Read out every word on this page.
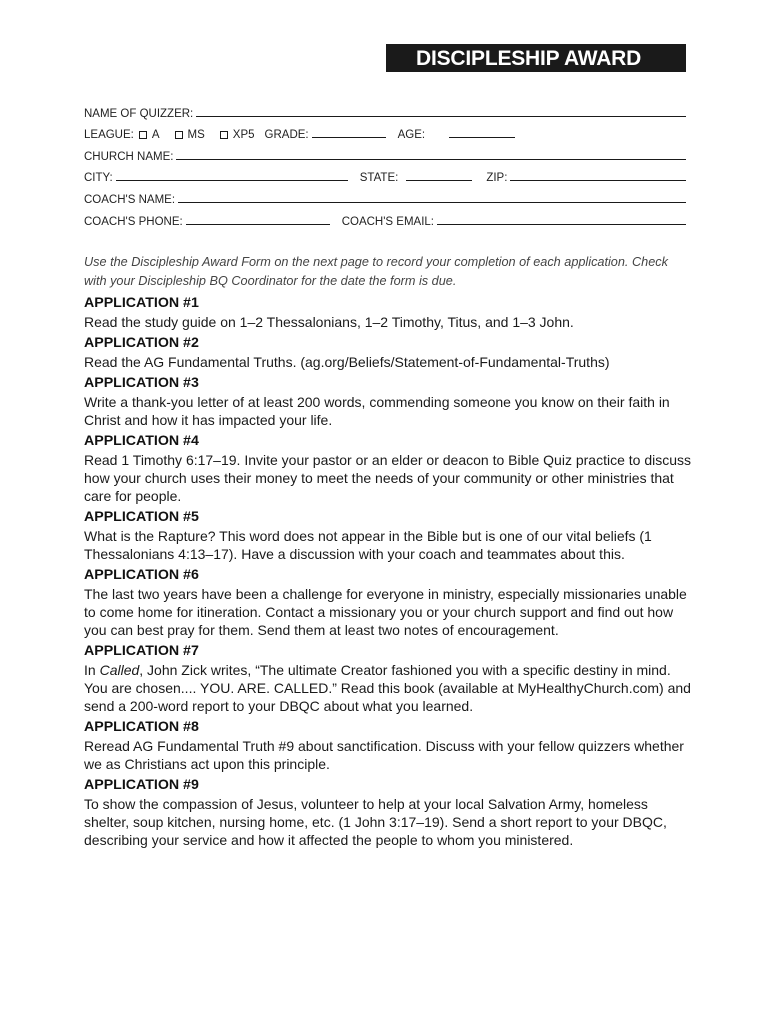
DISCIPLESHIP AWARD
NAME OF QUIZZER:
LEAGUE: A MS XP5 GRADE:	AGE:
CHURCH NAME:
CITY:	STATE:	ZIP:
COACH'S NAME:
COACH'S PHONE:	COACH'S EMAIL:
Use the Discipleship Award Form on the next page to record your completion of each application. Check with your Discipleship BQ Coordinator for the date the form is due.
APPLICATION #1

Read the study guide on 1–2 Thessalonians, 1–2 Timothy, Titus, and 1–3 John.

APPLICATION #2

Read the AG Fundamental Truths. (ag.org/Beliefs/Statement-of-Fundamental-Truths)

APPLICATION #3

Write a thank-you letter of at least 200 words, commending someone you know on their faith in Christ and how it has impacted your life.

APPLICATION #4

Read 1 Timothy 6:17–19. Invite your pastor or an elder or deacon to Bible Quiz practice to discuss how your church uses their money to meet the needs of your community or other ministries that care for people.

APPLICATION #5

What is the Rapture? This word does not appear in the Bible but is one of our vital beliefs (1 Thessalonians 4:13–17). Have a discussion with your coach and teammates about this.

APPLICATION #6

The last two years have been a challenge for everyone in ministry, especially missionaries unable to come home for itineration. Contact a missionary you or your church support and find out how you can best pray for them. Send them at least two notes of encouragement.

APPLICATION #7

In Called, John Zick writes, “The ultimate Creator fashioned you with a specific destiny in mind. You are chosen.... YOU. ARE. CALLED.” Read this book (available at MyHealthyChurch.com) and send a 200-word report to your DBQC about what you learned.

APPLICATION #8

Reread AG Fundamental Truth #9 about sanctification. Discuss with your fellow quizzers whether we as Christians act upon this principle.

APPLICATION #9

To show the compassion of Jesus, volunteer to help at your local Salvation Army, homeless shelter, soup kitchen, nursing home, etc. (1 John 3:17–19). Send a short report to your DBQC, describing your service and how it affected the people to whom you ministered.
